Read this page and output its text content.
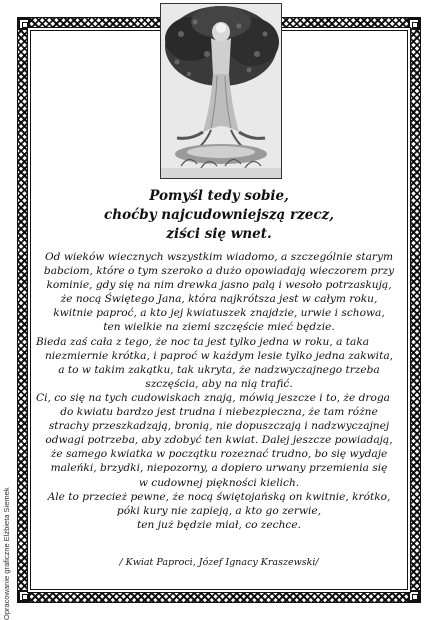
Opracowanie graficzne Elżbieta Siemek
Pomyśl tedy sobie,
choćby najcudowniejszą rzecz,
ziści się wnet.
Od wieków wiecznych wszystkim wiadomo, a szczególnie starym
babciom, które o tym szeroko a dużo opowiadają wieczorem przy
kominie, gdy się na nim drewka jasno palą i wesoło potrzaskują,
że nocą Świętego Jana, która najkrótsza jest w całym roku,
kwitnie paproć, a kto jej kwiatuszek znajdzie, urwie i schowa,
ten wielkie na ziemi szczęście mieć będzie.
Bieda zaś cała z tego, że noc ta jest tylko jedna w roku, a taka
niezmiernie krótka, i paproć w każdym lesie tylko jedna zakwita,
a to w takim zakątku, tak ukryta, że nadzwyczajnego trzeba
szczęścia, aby na nią trafić.
Ci, co się na tych cudowiskach znają, mówią jeszcze i to, że droga
do kwiatu bardzo jest trudna i niebezpieczna, że tam różne
strachy przeszkadzają, bronią, nie dopuszczają i nadzwyczajnej
odwagi potrzeba, aby zdobyć ten kwiat. Dalej jeszcze powiadają,
że samego kwiatka w początku rozeznać trudno, bo się wydaje
maleńki, brzydki, niepozorny, a dopiero urwany przemienia się
w cudownej piękności kielich.
Ale to przecież pewne, że nocą świętojańską on kwitnie, krótko,
póki kury nie zapieją, a kto go zerwie,
ten już będzie miał, co zechce.
/ Kwiat Paproci, Józef Ignacy Kraszewski/
